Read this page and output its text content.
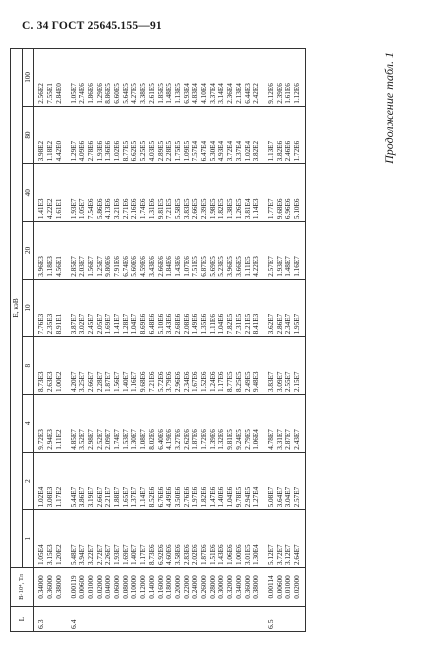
С. 34 ГОСТ 25645.155—91
L	B·10⁴, Тл	E, кэВ								
		1	2	4	8	10	20	40	80	100
6.3	0.34000	1.05E4	1.02E4	9.72E3	8.73E3	7.76E3	3.96E3	1.41E3	3.98E2	2.56E2
	0.36000	3.15E3	3.08E3	2.94E3	2.63E3	2.35E3	1.18E3	4.22E2	1.18E2	7.55E1
	0.38000	1.20E2	1.17E2	1.11E2	1.00E2	8.91E1	4.56E1	1.61E1	4.42E0	2.84E0
6.4	0.00119	5.48E7	5.44E7	4.85E7	4.20E7	3.87E7	2.85E7	1.93E7	1.29E7	1.05E7
	0.00600	3.94E7	3.86E7	3.52E7	3.25E7	3.02E7	2.03E7	1.05E7	4.09E6	2.74E6
	0.01000	3.22E7	3.19E7	2.98E7	2.66E7	2.45E7	1.56E7	7.54E6	2.78E6	1.86E6
	0.02000	2.72E7	2.66E7	2.52E7	2.28E7	2.05E7	1.25E7	5.86E6	1.93E6	1.29E6
	0.04000	2.26E7	2.21E7	2.09E7	1.87E7	1.69E7	9.80E6	4.13E6	1.36E6	8.86E5
	0.06000	1.93E7	1.88E7	1.74E7	1.56E7	1.41E7	7.91E6	3.21E6	1.02E6	6.60E5
	0.08000	1.69E7	1.65E7	1.53E7	1.40E7	1.28E7	6.74E6	2.71E6	8.77E5	5.64E5
	0.10000	1.40E7	1.37E7	1.30E7	1.16E7	1.04E7	5.60E6	2.16E6	6.62E5	4.27E5
	0.12000	1.17E7	1.14E7	1.08E7	9.68E6	8.69E6	4.59E6	1.74E6	5.25E5	3.38E5
	0.14000	8.73E6	8.52E6	8.02E6	7.21E6	6.48E6	3.43E6	1.31E6	4.03E5	2.61E5
	0.16000	6.92E6	6.76E6	6.40E6	5.72E6	5.10E6	2.66E6	9.81E5	2.89E5	1.85E5
	0.18000	4.60E6	4.49E6	4.19E6	3.79E6	3.43E6	1.84E6	7.21E5	2.28E5	1.48E5
	0.20000	3.58E6	3.50E6	3.27E6	2.96E6	2.68E6	1.43E6	5.58E5	1.75E5	1.13E5
	0.22000	2.83E6	2.76E6	2.62E6	2.34E6	2.08E6	1.07E6	3.83E5	1.09E5	6.93E4
	0.24000	2.02E6	1.97E6	1.87E6	1.67E6	1.49E6	7.51E5	2.66E5	7.57E4	4.83E4
	0.26000	1.87E6	1.82E6	1.72E6	1.52E6	1.35E6	6.87E5	2.39E5	6.47E4	4.10E4
	0.28000	1.51E6	1.47E6	1.39E6	1.24E6	1.11E6	5.69E5	1.98E5	5.30E4	3.37E4
	0.30000	1.43E6	1.40E6	1.32E6	1.17E6	1.04E6	5.23E5	1.82E5	4.93E4	3.14E4
	0.32000	1.06E6	1.04E6	9.81E5	8.77E5	7.82E5	3.96E5	1.38E5	3.72E4	2.36E4
	0.34000	1.00E6	9.78E5	9.24E5	8.25E5	7.31E5	3.66E5	1.26E5	3.37E4	2.13E4
	0.36000	3.01E5	2.94E5	2.79E5	2.49E5	2.21E5	1.11E5	3.81E4	1.02E4	6.44E3
	0.38000	1.30E4	1.27E4	1.06E4	9.48E3	8.41E3	4.22E3	1.14E3	3.82E2	2.42E2
6.5	0.00114	5.12E7	5.08E7	4.78E7	3.83E7	3.62E7	2.57E7	1.77E7	1.13E7	9.12E6
	0.00600	3.72E7	3.64E7	3.31E7	3.09E7	2.86E7	1.93E7	9.68E6	3.82E6	2.39E6
	0.01000	3.12E7	3.04E7	2.87E7	2.55E7	2.34E7	1.48E7	6.96E6	2.46E6	1.61E6
	0.02000	2.64E7	2.57E7	2.43E7	2.15E7	1.95E7	1.16E7	5.10E6	1.72E6	1.12E6	Продолжение табл. 1
